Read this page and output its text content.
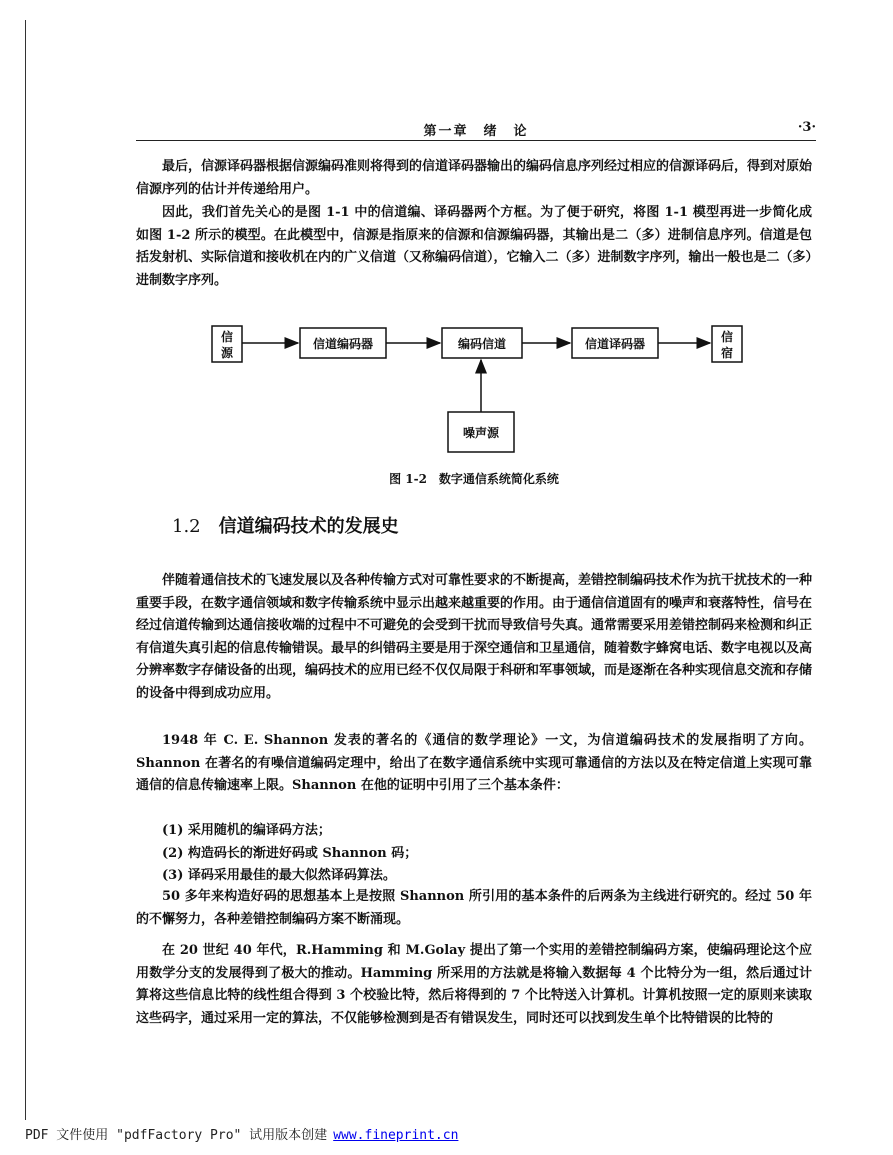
第一章　绪　论	·3·

最后，信源译码器根据信源编码准则将得到的信道译码器输出的编码信息序列经过相应的信源译码后，得到对原始信源序列的估计并传递给用户。

因此，我们首先关心的是图 1-1 中的信道编、译码器两个方框。为了便于研究，将图 1-1 模型再进一步简化成如图 1-2 所示的模型。在此模型中，信源是指原来的信源和信源编码器，其输出是二（多）进制信息序列。信道是包括发射机、实际信道和接收机在内的广义信道（又称编码信道），它输入二（多）进制数字序列，输出一般也是二（多）进制数字序列。

信
源
信道编码器	编码信道	信道译码器	信
宿
噪声源
图 1-2　数字通信系统简化系统
1.2 信道编码技术的发展史

伴随着通信技术的飞速发展以及各种传输方式对可靠性要求的不断提高，差错控制编码技术作为抗干扰技术的一种重要手段，在数字通信领域和数字传输系统中显示出越来越重要的作用。由于通信信道固有的噪声和衰落特性，信号在经过信道传输到达通信接收端的过程中不可避免的会受到干扰而导致信号失真。通常需要采用差错控制码来检测和纠正有信道失真引起的信息传输错误。最早的纠错码主要是用于深空通信和卫星通信，随着数字蜂窝电话、数字电视以及高分辨率数字存储设备的出现，编码技术的应用已经不仅仅局限于科研和军事领域，而是逐渐在各种实现信息交流和存储的设备中得到成功应用。

1948 年 C. E. Shannon 发表的著名的《通信的数学理论》一文，为信道编码技术的发展指明了方向。Shannon 在著名的有噪信道编码定理中，给出了在数字通信系统中实现可靠通信的方法以及在特定信道上实现可靠通信的信息传输速率上限。Shannon 在他的证明中引用了三个基本条件：

(1) 采用随机的编译码方法；
(2) 构造码长的渐进好码或 Shannon 码；
(3) 译码采用最佳的最大似然译码算法。

50 多年来构造好码的思想基本上是按照 Shannon 所引用的基本条件的后两条为主线进行研究的。经过 50 年的不懈努力，各种差错控制编码方案不断涌现。

在 20 世纪 40 年代，R.Hamming 和 M.Golay 提出了第一个实用的差错控制编码方案，使编码理论这个应用数学分支的发展得到了极大的推动。Hamming 所采用的方法就是将输入数据每 4 个比特分为一组，然后通过计算将这些信息比特的线性组合得到 3 个校验比特，然后将得到的 7 个比特送入计算机。计算机按照一定的原则来读取这些码字，通过采用一定的算法，不仅能够检测到是否有错误发生，同时还可以找到发生单个比特错误的比特的

PDF 文件使用 "pdfFactory Pro" 试用版本创建 www.fineprint.cn
